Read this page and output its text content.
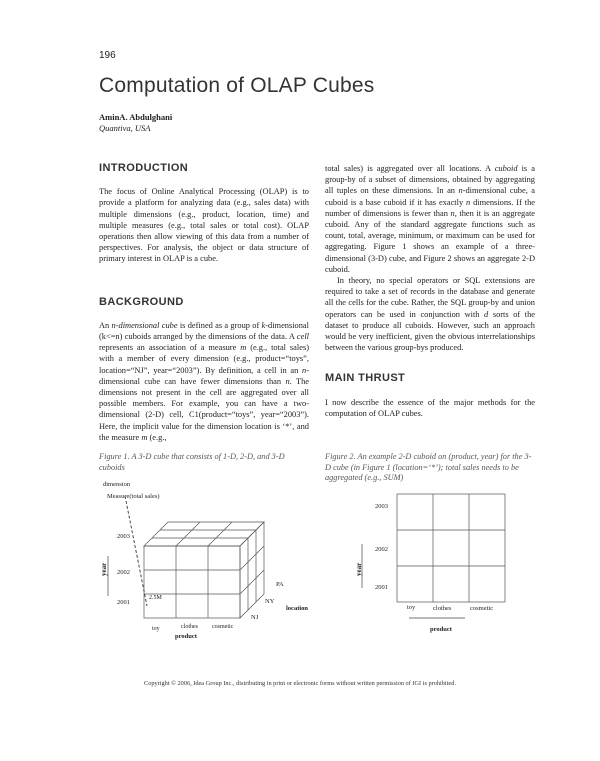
196
Computation of OLAP Cubes
AminA. Abdulghani
Quantiva, USA
INTRODUCTION

The focus of Online Analytical Processing (OLAP) is to provide a platform for analyzing data (e.g., sales data) with multiple dimensions (e.g., product, location, time) and multiple measures (e.g., total sales or total cost). OLAP operations then allow viewing of this data from a number of perspectives. For analysis, the object or data structure of primary interest in OLAP is a cube.

BACKGROUND

An n-dimensional cube is defined as a group of k-dimensional (k<=n) cuboids arranged by the dimensions of the data. A cell represents an association of a measure m (e.g., total sales) with a member of every dimension (e.g., product=“toys”, location=“NJ”, year=“2003”). By definition, a cell in an n-dimensional cube can have fewer dimensions than n. The dimensions not present in the cell are aggregated over all possible members. For example, you can have a two-dimensional (2-D) cell, C1(product=“toys”, year=“2003”). Here, the implicit value for the dimension location is ‘*’, and the measure m (e.g.,

total sales) is aggregated over all locations. A cuboid is a group-by of a subset of dimensions, obtained by aggregating all tuples on these dimensions. In an n-dimensional cube, a cuboid is a base cuboid if it has exactly n dimensions. If the number of dimensions is fewer than n, then it is an aggregate cuboid. Any of the standard aggregate functions such as count, total, average, minimum, or maximum can be used for aggregating. Figure 1 shows an example of a three-dimensional (3-D) cube, and Figure 2 shows an aggregate 2-D cuboid.

In theory, no special operators or SQL extensions are required to take a set of records in the database and generate all the cells for the cube. Rather, the SQL group-by and union operators can be used in conjunction with d sorts of the dataset to produce all cuboids. However, such an approach would be very inefficient, given the obvious interrelationships between the various group-bys produced.

MAIN THRUST

I now describe the essence of the major methods for the computation of OLAP cubes.

Figure 1. A 3-D cube that consists of 1-D, 2-D, and 3-D cuboids
Figure 2. An example 2-D cuboid on (product, year) for the 3-D cube (in Figure 1 (location=‘*’); total sales needs to be aggregated (e.g., SUM)
dimension
Measure(total sales)
year
2003
2002
2001
2.5M
PA
NY
NJ
location
toy	clothes cosmetic
product
year
2003
2002
2001
toy	clothes	cosmetic
product
Copyright © 2006, Idea Group Inc., distributing in print or electronic forms without written permission of IGI is prohibited.
